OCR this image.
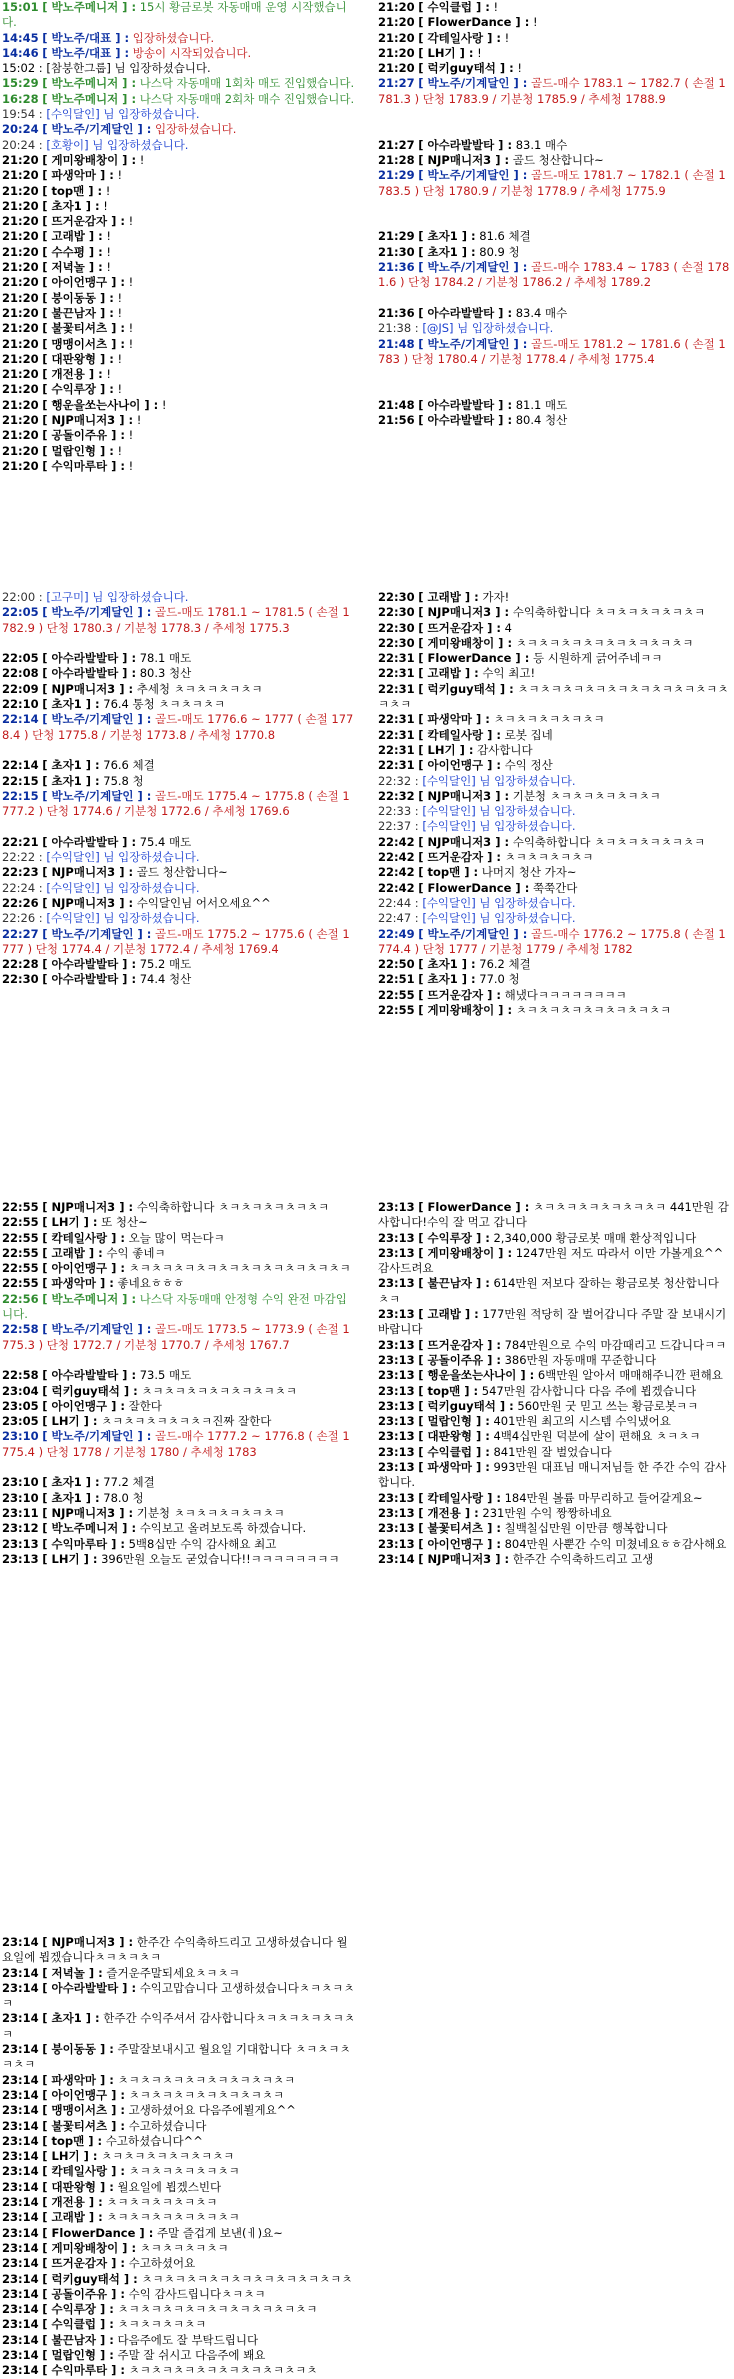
15:01 [ 박노주메니저 ] : 15시 황금로봇 자동매매 운영 시작했습니다.
14:45 [ 박노주/대표 ] : 입장하셨습니다.
14:46 [ 박노주/대표 ] : 방송이 시작되었습니다.
15:02 : [참붕한그룹] 님 입장하셨습니다.
15:29 [ 박노주메니저 ] : 나스닥 자동매매 1회차 매도 진입했습니다.
16:28 [ 박노주메니저 ] : 나스닥 자동매매 2회차 매수 진입했습니다.
19:54 : [수익달인] 님 입장하셨습니다.
20:24 [ 박노주/기계달인 ] : 입장하셨습니다.
20:24 : [호황이] 님 입장하셨습니다.
21:20 [ 게미왕배창이 ] : !
21:20 [ 파생악마 ] : !
21:20 [ top맨 ] : !
21:20 [ 초자1 ] : !
21:20 [ 뜨거운감자 ] : !
21:20 [ 고래밥 ] : !
21:20 [ 수수평 ] : !
21:20 [ 저녁놀 ] : !
21:20 [ 아이언맹구 ] : !
21:20 [ 붕이동동 ] : !
21:20 [ 불끈남자 ] : !
21:20 [ 불꽃티셔츠 ] : !
21:20 [ 맹맹이서츠 ] : !
21:20 [ 대판왕형 ] : !
21:20 [ 개전용 ] : !
21:20 [ 수익루장 ] : !
21:20 [ 행운을쏘는사나이 ] : !
21:20 [ NJP매니저3 ] : !
21:20 [ 공돌이주유 ] : !
21:20 [ 멀랍인형 ] : !
21:20 [ 수익마루타 ] : !
21:20 [ 수익클럽 ] : !
21:20 [ FlowerDance ] : !
21:20 [ 각테일사랑 ] : !
21:20 [ LH기 ] : !
21:20 [ 럭키guy태석 ] : !
21:27 [ 박노주/기계달인 ] : 골드-매수 1783.1 ~ 1782.7 ( 손절 1781.3 ) 단청 1783.9 / 기분청 1785.9 / 추세청 1788.9

21:27 [ 아수라발발타 ] : 83.1 매수
21:28 [ NJP매니저3 ] : 골드 청산합니다~
21:29 [ 박노주/기계달인 ] : 골드-매도 1781.7 ~ 1782.1 ( 손절 1783.5 ) 단청 1780.9 / 기분청 1778.9 / 추세청 1775.9

21:29 [ 초자1 ] : 81.6 체결
21:30 [ 초자1 ] : 80.9 청
21:36 [ 박노주/기계달인 ] : 골드-매수 1783.4 ~ 1783 ( 손절 1781.6 ) 단청 1784.2 / 기분청 1786.2 / 추세청 1789.2

21:36 [ 아수라발발타 ] : 83.4 매수
21:38 : [@JS] 님 입장하셨습니다.
21:48 [ 박노주/기계달인 ] : 골드-매도 1781.2 ~ 1781.6 ( 손절 1783 ) 단청 1780.4 / 기분청 1778.4 / 추세청 1775.4

21:48 [ 아수라발발타 ] : 81.1 매도
21:56 [ 아수라발발타 ] : 80.4 청산
22:00 : [고구미] 님 입장하셨습니다.
22:05 [ 박노주/기계달인 ] : 골드-매도 1781.1 ~ 1781.5 ( 손절 1782.9 ) 단청 1780.3 / 기분청 1778.3 / 추세청 1775.3

22:05 [ 아수라발발타 ] : 78.1 매도
22:08 [ 아수라발발타 ] : 80.3 청산
22:09 [ NJP매니저3 ] : 추세청 ㅊㅋㅊㅋㅊㅋㅊㅋ
22:10 [ 초자1 ] : 76.4 통청 ㅊㅋㅊㅋㅊㅋ
22:14 [ 박노주/기계달인 ] : 골드-매도 1776.6 ~ 1777 ( 손절 1778.4 ) 단청 1775.8 / 기분청 1773.8 / 추세청 1770.8

22:14 [ 초자1 ] : 76.6 체결
22:15 [ 초자1 ] : 75.8 청
22:15 [ 박노주/기계달인 ] : 골드-매도 1775.4 ~ 1775.8 ( 손절 1777.2 ) 단청 1774.6 / 기분청 1772.6 / 추세청 1769.6

22:21 [ 아수라발발타 ] : 75.4 매도
22:22 : [수익달인] 님 입장하셨습니다.
22:23 [ NJP매니저3 ] : 골드 청산합니다~
22:24 : [수익달인] 님 입장하셨습니다.
22:26 [ NJP매니저3 ] : 수익달인님 어서오세요^^
22:26 : [수익달인] 님 입장하셨습니다.
22:27 [ 박노주/기계달인 ] : 골드-매도 1775.2 ~ 1775.6 ( 손절 1777 ) 단청 1774.4 / 기분청 1772.4 / 추세청 1769.4
22:28 [ 아수라발발타 ] : 75.2 매도
22:30 [ 아수라발발타 ] : 74.4 청산
22:30 [ 고래밥 ] : 가자!
22:30 [ NJP매니저3 ] : 수익축하합니다 ㅊㅋㅊㅋㅊㅋㅊㅋㅊㅋ
22:30 [ 뜨거운감자 ] : 4
22:30 [ 게미왕배창이 ] : ㅊㅋㅊㅋㅊㅋㅊㅋㅊㅋㅊㅋㅊㅋㅊㅋ
22:31 [ FlowerDance ] : 등 시원하게 긁어주네ㅋㅋ
22:31 [ 고래밥 ] : 수익 최고!
22:31 [ 럭키guy태석 ] : ㅊㅋㅊㅋㅊㅋㅊㅋㅊㅋㅊㅋㅊㅋㅊㅋㅊㅋㅊㅋㅊㅋ
22:31 [ 파생악마 ] : ㅊㅋㅊㅋㅊㅋㅊㅋㅊㅋ
22:31 [ 칵테일사랑 ] : 로봇 집네
22:31 [ LH기 ] : 감사합니다
22:31 [ 아이언맹구 ] : 수익 정산
22:32 : [수익달인] 님 입장하셨습니다.
22:32 [ NJP매니저3 ] : 기분청 ㅊㅋㅊㅋㅊㅋㅊㅋㅊㅋ
22:33 : [수익달인] 님 입장하셨습니다.
22:37 : [수익달인] 님 입장하셨습니다.
22:42 [ NJP매니저3 ] : 수익축하합니다 ㅊㅋㅊㅋㅊㅋㅊㅋㅊㅋ
22:42 [ 뜨거운감자 ] : ㅊㅋㅊㅋㅊㅋㅊㅋ
22:42 [ top맨 ] : 나머지 청산 가자~
22:42 [ FlowerDance ] : 쭉쭉간다
22:44 : [수익달인] 님 입장하셨습니다.
22:47 : [수익달인] 님 입장하셨습니다.
22:49 [ 박노주/기계달인 ] : 골드-매수 1776.2 ~ 1775.8 ( 손절 1774.4 ) 단청 1777 / 기분청 1779 / 추세청 1782
22:50 [ 초자1 ] : 76.2 체결
22:51 [ 초자1 ] : 77.0 청
22:55 [ 뜨거운감자 ] : 해냈다ㅋㅋㅋㅋㅋㅋㅋㅋ
22:55 [ 게미왕배창이 ] : ㅊㅋㅊㅋㅊㅋㅊㅋㅊㅋㅊㅋㅊㅋ
22:55 [ NJP매니저3 ] : 수익축하합니다 ㅊㅋㅊㅋㅊㅋㅊㅋㅊㅋ
22:55 [ LH기 ] : 또 청산~
22:55 [ 칵테일사랑 ] : 오늘 많이 먹는다ㅋ
22:55 [ 고래밥 ] : 수익 좋네ㅋ
22:55 [ 아이언맹구 ] : ㅊㅋㅊㅋㅊㅋㅊㅋㅊㅋㅊㅋㅊㅋㅊㅋㅊㅋㅊㅋ
22:55 [ 파생악마 ] : 좋네요ㅎㅎㅎ
22:56 [ 박노주메니저 ] : 나스닥 자동매매 안정형 수익 완전 마감입니다.
22:58 [ 박노주/기계달인 ] : 골드-매도 1773.5 ~ 1773.9 ( 손절 1775.3 ) 단청 1772.7 / 기분청 1770.7 / 추세청 1767.7

22:58 [ 아수라발발타 ] : 73.5 매도
23:04 [ 럭키guy태석 ] : ㅊㅋㅊㅋㅊㅋㅊㅋㅊㅋㅊㅋㅊㅋ
23:05 [ 아이언맹구 ] : 잘한다
23:05 [ LH기 ] : ㅊㅋㅊㅋㅊㅋㅊㅋㅊㅋ진짜 잘한다
23:10 [ 박노주/기계달인 ] : 골드-매수 1777.2 ~ 1776.8 ( 손절 1775.4 ) 단청 1778 / 기분청 1780 / 추세청 1783

23:10 [ 초자1 ] : 77.2 체결
23:10 [ 초자1 ] : 78.0 청
23:11 [ NJP매니저3 ] : 기분청 ㅊㅋㅊㅋㅊㅋㅊㅋㅊㅋ
23:12 [ 박노주메니저 ] : 수익보고 올려보도록 하겠습니다.
23:13 [ 수익마루타 ] : 5백8십만 수익 감사해요 최고
23:13 [ LH기 ] : 396만원 오늘도 굳었습니다!!ㅋㅋㅋㅋㅋㅋㅋㅋ
23:13 [ FlowerDance ] : ㅊㅋㅊㅋㅊㅋㅊㅋㅊㅋㅊㅋ 441만원 감사합니다!수익 잘 먹고 갑니다
23:13 [ 수익루장 ] : 2,340,000 황금로봇 매매 환상적입니다
23:13 [ 게미왕배창이 ] : 1247만원 저도 따라서 이만 가볼게요^^감사드려요
23:13 [ 불끈남자 ] : 614만원 저보다 잘하는 황금로봇 청산합니다 ㅊㅋ
23:13 [ 고래밥 ] : 177만원 적당히 잘 벌어갑니다 주말 잘 보내시기 바랍니다
23:13 [ 뜨거운감자 ] : 784만원으로 수익 마감때리고 드갑니다ㅋㅋ
23:13 [ 공돌이주유 ] : 386만원 자동매매 꾸준합니다
23:13 [ 행운을쏘는사나이 ] : 6백만원 알아서 매매해주니깐 편해요
23:13 [ top맨 ] : 547만원 감사합니다 다음 주에 뵙겠습니다
23:13 [ 럭키guy태석 ] : 560만원 굿 믿고 쓰는 황금로봇ㅋㅋ
23:13 [ 멀랍인형 ] : 401만원 최고의 시스템 수익냈어요
23:13 [ 대판왕형 ] : 4백4십만원 덕분에 살이 편해요 ㅊㅋㅊㅋ
23:13 [ 수익클럽 ] : 841만원 잘 벌었습니다
23:13 [ 파생악마 ] : 993만원 대표님 매니저님들 한 주간 수익 감사합니다.
23:13 [ 칵테일사랑 ] : 184만원 볼륨 마무리하고 들어갈게요~
23:13 [ 개전용 ] : 231만원 수익 짱짱하네요
23:13 [ 불꽃티셔츠 ] : 칠백칠십만원 이만큼 행복합니다
23:13 [ 아이언맹구 ] : 804만원 사뿐간 수익 미쳤네요ㅎㅎ감사해요
23:14 [ NJP매니저3 ] : 한주간 수익축하드리고 고생
23:14 [ NJP매니저3 ] : 한주간 수익축하드리고 고생하셨습니다 월요일에 뵙겠습니다ㅊㅋㅊㅋㅊㅋ
23:14 [ 저녁놀 ] : 즐거운주말되세요ㅊㅋㅊㅋ
23:14 [ 아수라발발타 ] : 수익고맙습니다 고생하셨습니다ㅊㅋㅊㅋㅊㅋ
23:14 [ 초자1 ] : 한주간 수익주셔서 감사합니다ㅊㅋㅊㅋㅊㅋㅊㅋㅊㅋ
23:14 [ 붕이동동 ] : 주말잘보내시고 월요일 기대합니다 ㅊㅋㅊㅋㅊㅋㅊㅋ
23:14 [ 파생악마 ] : ㅊㅋㅊㅋㅊㅋㅊㅋㅊㅋㅊㅋㅊㅋㅊㅋ
23:14 [ 아이언맹구 ] : ㅊㅋㅊㅋㅊㅋㅊㅋㅊㅋㅊㅋㅊㅋ
23:14 [ 맹맹이서츠 ] : 고생하셨어요 다음주에뵐게요^^
23:14 [ 불꽃티셔츠 ] : 수고하셨습니다
23:14 [ top맨 ] : 수고하셨습니다^^
23:14 [ LH기 ] : ㅊㅋㅊㅋㅊㅋㅊㅋㅊㅋㅊㅋ
23:14 [ 칵테일사랑 ] : ㅊㅋㅊㅋㅊㅋㅊㅋㅊㅋ
23:14 [ 대판왕형 ] : 월요일에 뵙겠스빈다
23:14 [ 개전용 ] : ㅊㅋㅊㅋㅊㅋㅊㅋㅊㅋ
23:14 [ 고래밥 ] : ㅊㅋㅊㅋㅊㅋㅊㅋㅊㅋㅊㅋ
23:14 [ FlowerDance ] : 주말 즐겁게 보낸(ㅔ)요~
23:14 [ 게미왕배창이 ] : ㅊㅋㅊㅋㅊㅋㅊㅋ
23:14 [ 뜨거운감자 ] : 수고하셨어요
23:14 [ 럭키guy태석 ] : ㅊㅋㅊㅋㅊㅋㅊㅋㅊㅋㅊㅋㅊㅋㅊㅋㅊㅋㅊ
23:14 [ 공돌이주유 ] : 수익 감사드립니다ㅊㅋㅊㅋ
23:14 [ 수익루장 ] : ㅊㅋㅊㅋㅊㅋㅊㅋㅊㅋㅊㅋㅊㅋㅊㅋㅊㅋ
23:14 [ 수익클럽 ] : ㅊㅋㅊㅋㅊㅋㅊㅋ
23:14 [ 불끈남자 ] : 다음주에도 잘 부탁드립니다
23:14 [ 멀랍인형 ] : 주말 잘 쉬시고 다음주에 봬요
23:14 [ 수익마루타 ] : ㅊㅋㅊㅋㅊㅋㅊㅋㅊㅋㅊㅋㅊㅋㅊㅋㅊ
